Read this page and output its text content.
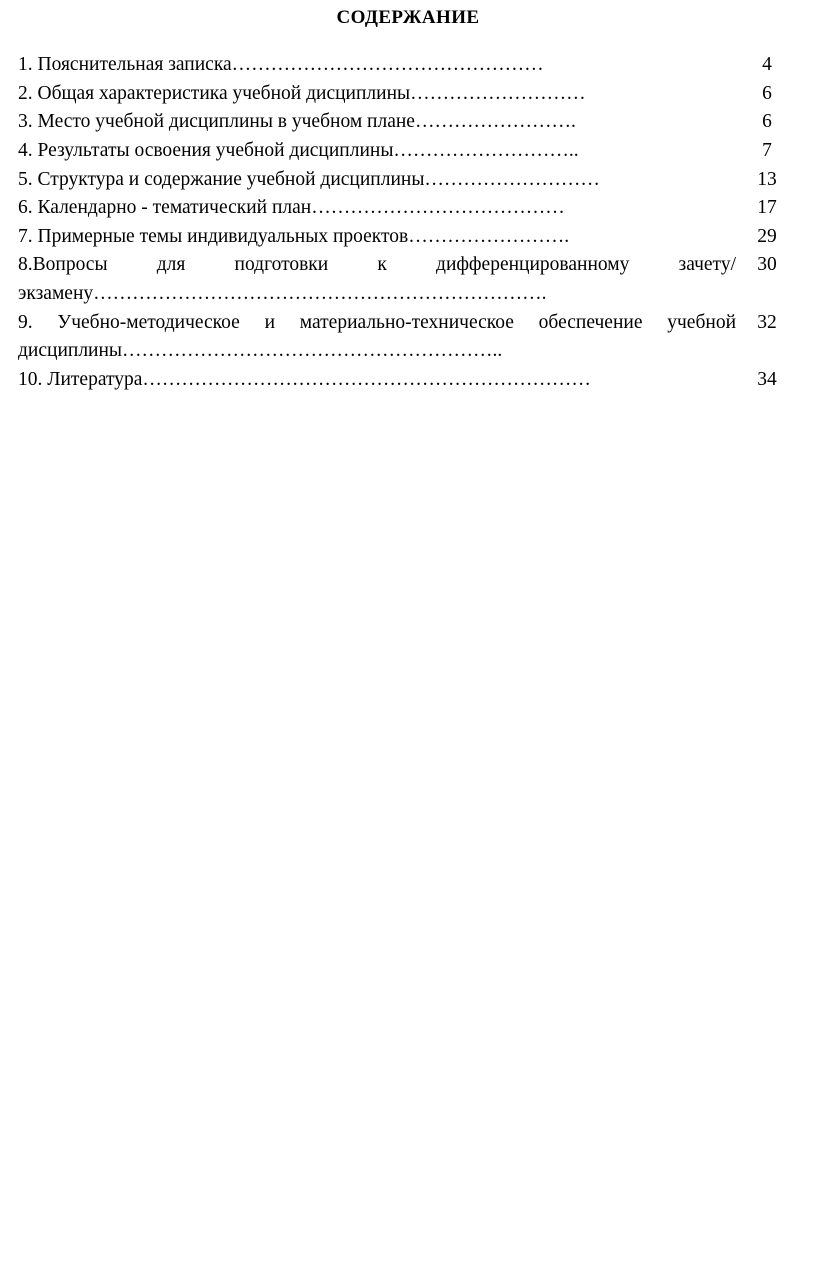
СОДЕРЖАНИЕ
1. Пояснительная записка…………………………………………	4
2. Общая характеристика учебной дисциплины………………………	6
3. Место учебной дисциплины в учебном плане…………………….	6
4. Результаты освоения учебной дисциплины………………………..	7
5. Структура и содержание учебной дисциплины………………………	13
6. Календарно - тематический план…………………………………	17
7. Примерные темы индивидуальных проектов…………………….	29
8.Вопросы для подготовки к дифференцированному зачету/экзамену…………………………………………………………….	30
9. Учебно-методическое и материально-техническое обеспечение учебной дисциплины…………………………………………………..	32
10. Литература……………………………………………………………	34
